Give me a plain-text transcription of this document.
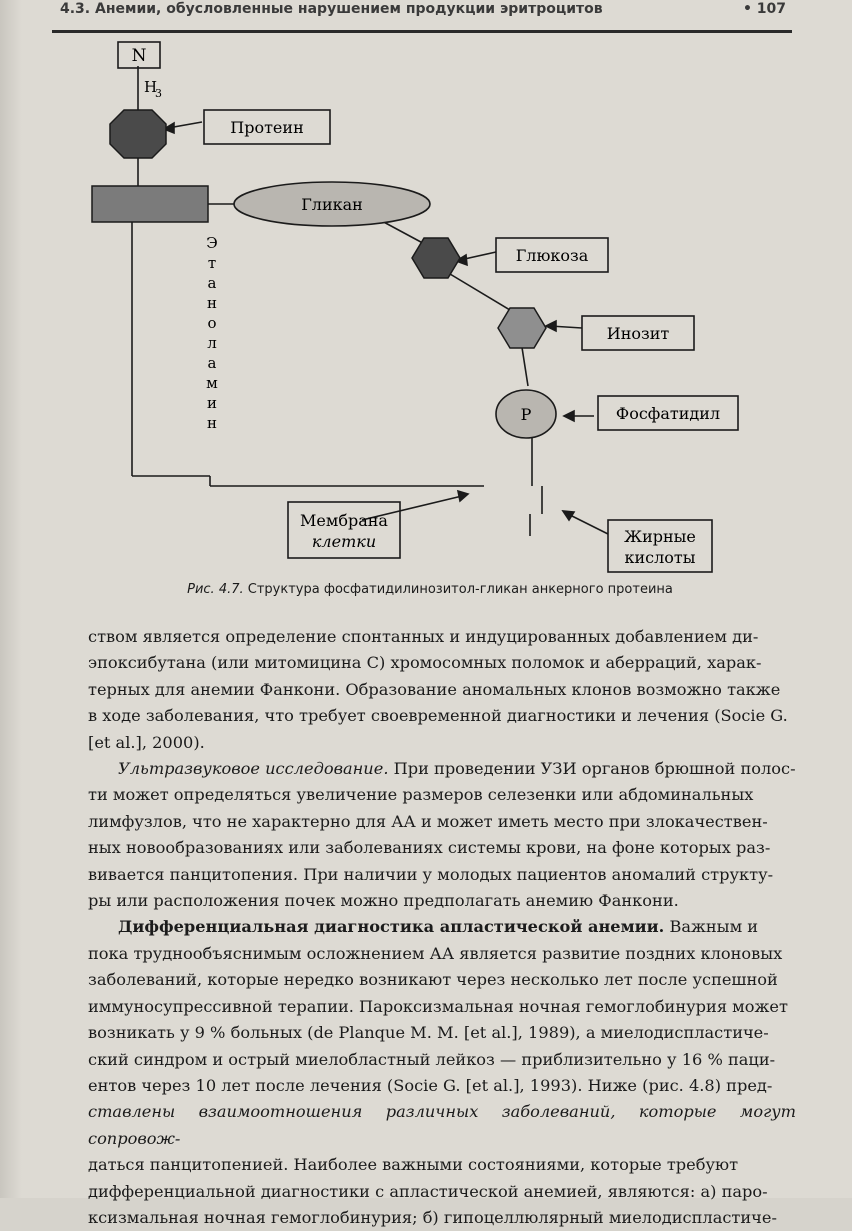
4.3. Анемии, обусловленные нарушением продукции эритроцитов	• 107
N
H
3
Протеин
Гликан
Э
т
а
н
о
л
а
м
и
н
Глюкоза
Инозит
P	Фосфатидил
Мембрана
клетки	Жирные
кислоты
Рис. 4.7. Структура фосфатидилинозитол-гликан анкерного протеина

ством является определение спонтанных и индуцированных добавлением ди-
эпоксибутана (или митомицина С) хромосомных поломок и аберраций, харак-
терных для анемии Фанкони. Образование аномальных клонов возможно также
в ходе заболевания, что требует своевременной диагностики и лечения (Socie G.
[et al.], 2000).

Ультразвуковое исследование. При проведении УЗИ органов брюшной полос-
ти может определяться увеличение размеров селезенки или абдоминальных
лимфузлов, что не характерно для АА и может иметь место при злокачествен-
ных новообразованиях или заболеваниях системы крови, на фоне которых раз-
вивается панцитопения. При наличии у молодых пациентов аномалий структу-
ры или расположения почек можно предполагать анемию Фанкони.

Дифференциальная диагностика апластической анемии. Важным и
пока труднообъяснимым осложнением АА является развитие поздних клоновых
заболеваний, которые нередко возникают через несколько лет после успешной
иммуносупрессивной терапии. Пароксизмальная ночная гемоглобинурия может
возникать у 9 % больных (de Planque M. M. [et al.], 1989), а миелодиспластиче-
ский синдром и острый миелобластный лейкоз — приблизительно у 16 % паци-
ентов через 10 лет после лечения (Socie G. [et al.], 1993). Ниже (рис. 4.8) пред-
ставлены взаимоотношения различных заболеваний, которые могут сопровож-
даться панцитопенией. Наиболее важными состояниями, которые требуют
дифференциальной диагностики с апластической анемией, являются: а) паро-
ксизмальная ночная гемоглобинурия; б) гипоцеллюлярный миелодиспластиче-
